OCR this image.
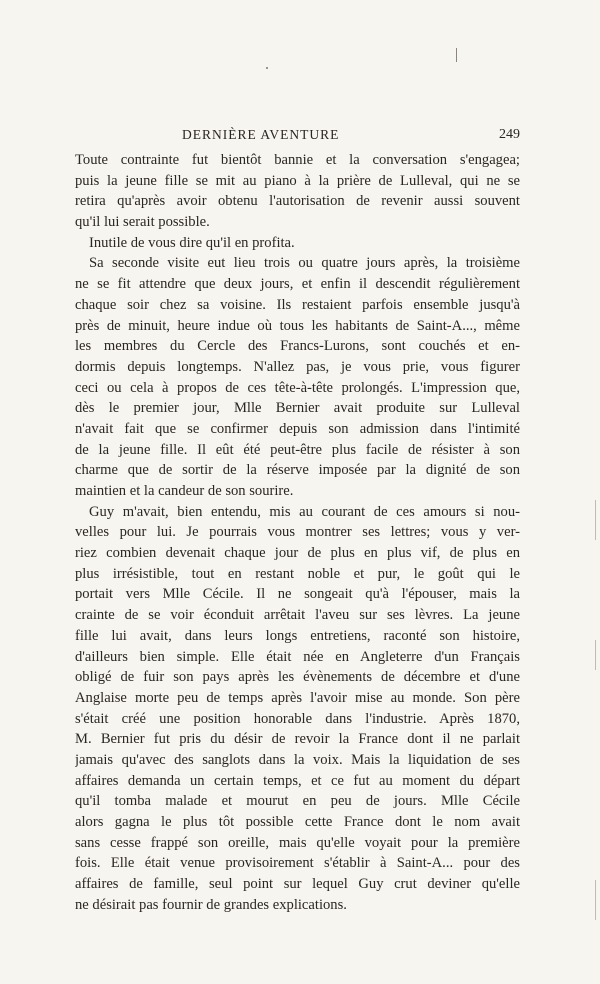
DERNIÈRE AVENTURE	249
Toute contrainte fut bientôt bannie et la conversation s'engagea;
puis la jeune fille se mit au piano à la prière de Lulleval, qui ne se
retira qu'après avoir obtenu l'autorisation de revenir aussi souvent
qu'il lui serait possible.
Inutile de vous dire qu'il en profita.
Sa seconde visite eut lieu trois ou quatre jours après, la troisième
ne se fit attendre que deux jours, et enfin il descendit régulièrement
chaque soir chez sa voisine. Ils restaient parfois ensemble jusqu'à
près de minuit, heure indue où tous les habitants de Saint-A..., même
les membres du Cercle des Francs-Lurons, sont couchés et en-
dormis depuis longtemps. N'allez pas, je vous prie, vous figurer
ceci ou cela à propos de ces tête-à-tête prolongés. L'impression que,
dès le premier jour, Mlle Bernier avait produite sur Lulleval
n'avait fait que se confirmer depuis son admission dans l'intimité
de la jeune fille. Il eût été peut-être plus facile de résister à son
charme que de sortir de la réserve imposée par la dignité de son
maintien et la candeur de son sourire.
Guy m'avait, bien entendu, mis au courant de ces amours si nou-
velles pour lui. Je pourrais vous montrer ses lettres; vous y ver-
riez combien devenait chaque jour de plus en plus vif, de plus en
plus irrésistible, tout en restant noble et pur, le goût qui le
portait vers Mlle Cécile. Il ne songeait qu'à l'épouser, mais la
crainte de se voir éconduit arrêtait l'aveu sur ses lèvres. La jeune
fille lui avait, dans leurs longs entretiens, raconté son histoire,
d'ailleurs bien simple. Elle était née en Angleterre d'un Français
obligé de fuir son pays après les évènements de décembre et d'une
Anglaise morte peu de temps après l'avoir mise au monde. Son père
s'était créé une position honorable dans l'industrie. Après 1870,
M. Bernier fut pris du désir de revoir la France dont il ne parlait
jamais qu'avec des sanglots dans la voix. Mais la liquidation de ses
affaires demanda un certain temps, et ce fut au moment du départ
qu'il tomba malade et mourut en peu de jours. Mlle Cécile
alors gagna le plus tôt possible cette France dont le nom avait
sans cesse frappé son oreille, mais qu'elle voyait pour la première
fois. Elle était venue provisoirement s'établir à Saint-A... pour des
affaires de famille, seul point sur lequel Guy crut deviner qu'elle
ne désirait pas fournir de grandes explications.
